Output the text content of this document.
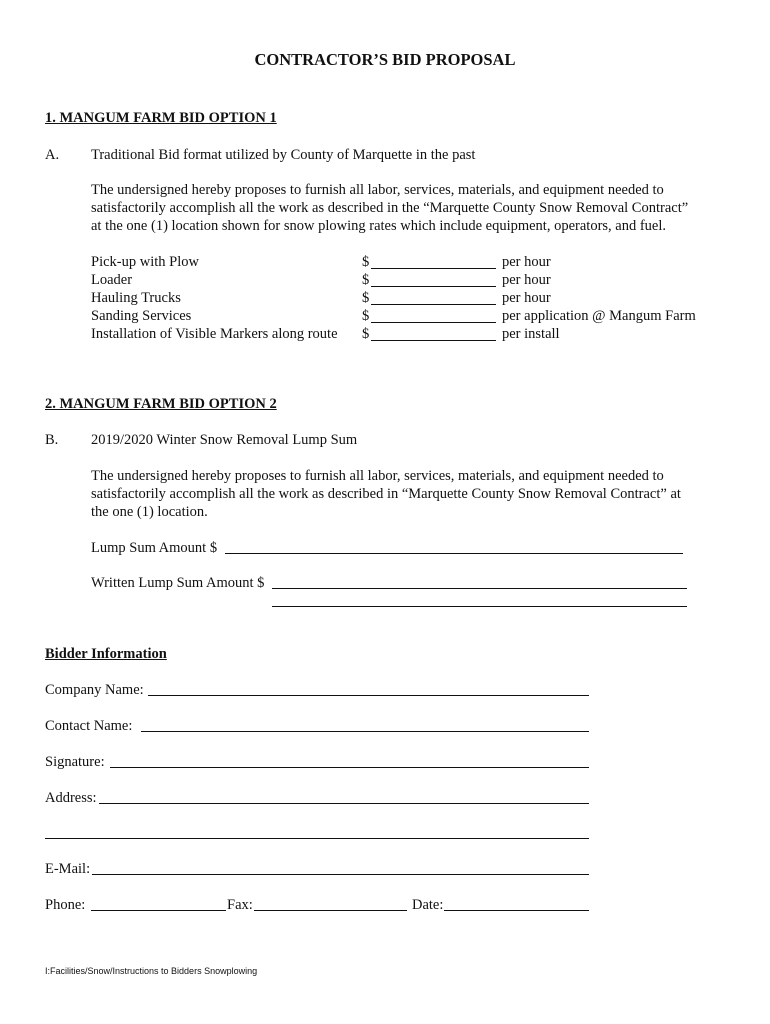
CONTRACTOR’S BID PROPOSAL
1. MANGUM FARM BID OPTION 1
A. Traditional Bid format utilized by County of Marquette in the past
The undersigned hereby proposes to furnish all labor, services, materials, and equipment needed to
satisfactorily accomplish all the work as described in the “Marquette County Snow Removal Contract”
at the one (1) location shown for snow plowing rates which include equipment, operators, and fuel.
Pick-up with Plow	$	per hour
Loader	$	per hour
Hauling Trucks	$	per hour
Sanding Services	$	per application @ Mangum Farm
Installation of Visible Markers along route $	per install
2. MANGUM FARM BID OPTION 2
B. 2019/2020 Winter Snow Removal Lump Sum
The undersigned hereby proposes to furnish all labor, services, materials, and equipment needed to
satisfactorily accomplish all the work as described in “Marquette County Snow Removal Contract” at
the one (1) location.
Lump Sum Amount $
Written Lump Sum Amount $
Bidder Information
Company Name:
Contact Name:
Signature:
Address:
E-Mail:
Phone:	Fax:	Date:
I:Facilities/Snow/Instructions to Bidders Snowplowing
